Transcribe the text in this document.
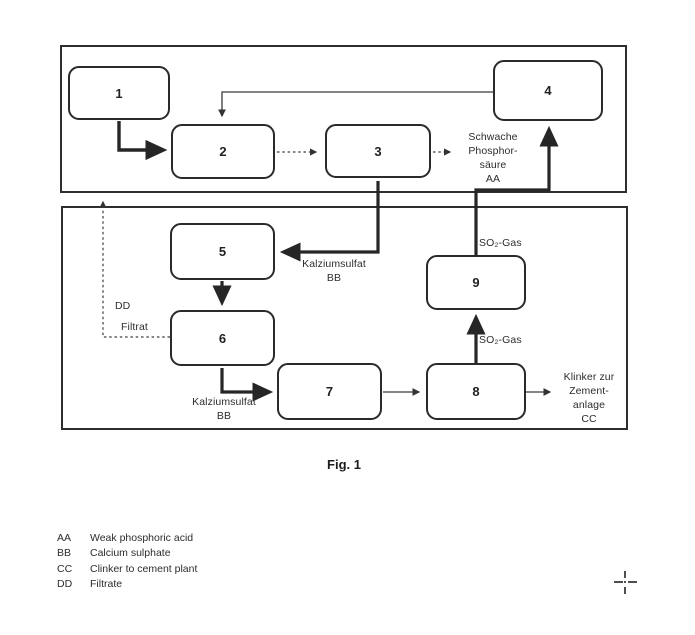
1
2	3
4
5
6
7	8
9
Schwache
Phosphor-
säure
AA
Kalziumsulfat
BB
DD
Filtrat
Kalziumsulfat
BB
SO₂-Gas
SO₂-Gas
Klinker zur
Zement-
anlage
CC
Fig. 1
AA	Weak phosphoric acid
BB	Calcium sulphate
CC	Clinker to cement plant
DD	Filtrate
